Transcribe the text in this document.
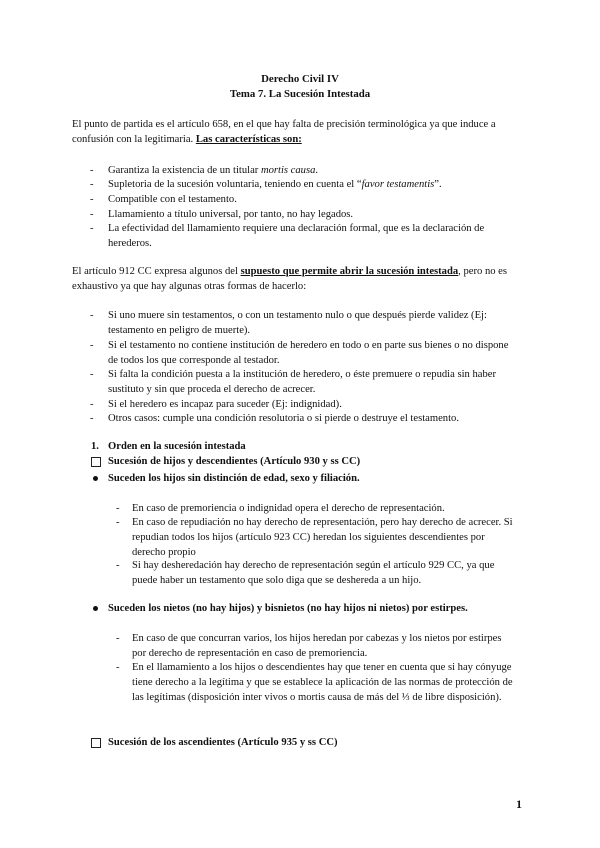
Derecho Civil IV
Tema 7. La Sucesión Intestada
El punto de partida es el artículo 658, en el que hay falta de precisión terminológica ya que induce a confusión con la legitimaria. Las características son:
- Garantiza la existencia de un titular mortis causa.
- Supletoria de la sucesión voluntaria, teniendo en cuenta el “favor testamentis”.
- Compatible con el testamento.
- Llamamiento a título universal, por tanto, no hay legados.
- La efectividad del llamamiento requiere una declaración formal, que es la declaración de herederos.
El artículo 912 CC expresa algunos del supuesto que permite abrir la sucesión intestada, pero no es exhaustivo ya que hay algunas otras formas de hacerlo:
- Si uno muere sin testamentos, o con un testamento nulo o que después pierde validez (Ej: testamento en peligro de muerte).
- Si el testamento no contiene institución de heredero en todo o en parte sus bienes o no dispone de todos los que corresponde al testador.
- Si falta la condición puesta a la institución de heredero, o éste premuere o repudia sin haber sustituto y sin que proceda el derecho de acrecer.
- Si el heredero es incapaz para suceder (Ej: indignidad).
- Otros casos: cumple una condición resolutoria o si pierde o destruye el testamento.
1. Orden en la sucesión intestada
Sucesión de hijos y descendientes (Artículo 930 y ss CC)
Suceden los hijos sin distinción de edad, sexo y filiación.
- En caso de premoriencia o indignidad opera el derecho de representación.
- En caso de repudiación no hay derecho de representación, pero hay derecho de acrecer. Si repudian todos los hijos (artículo 923 CC) heredan los siguientes descendientes por derecho propio
- Si hay desheredación hay derecho de representación según el artículo 929 CC, ya que puede haber un testamento que solo diga que se deshereda a un hijo.
Suceden los nietos (no hay hijos) y bisnietos (no hay hijos ni nietos) por estirpes.
- En caso de que concurran varios, los hijos heredan por cabezas y los nietos por estirpes por derecho de representación en caso de premoriencia.
- En el llamamiento a los hijos o descendientes hay que tener en cuenta que si hay cónyuge tiene derecho a la legítima y que se establece la aplicación de las normas de protección de las legítimas (disposición inter vivos o mortis causa de más del ⅓ de libre disposición).
Sucesión de los ascendientes (Artículo 935 y ss CC)
1
